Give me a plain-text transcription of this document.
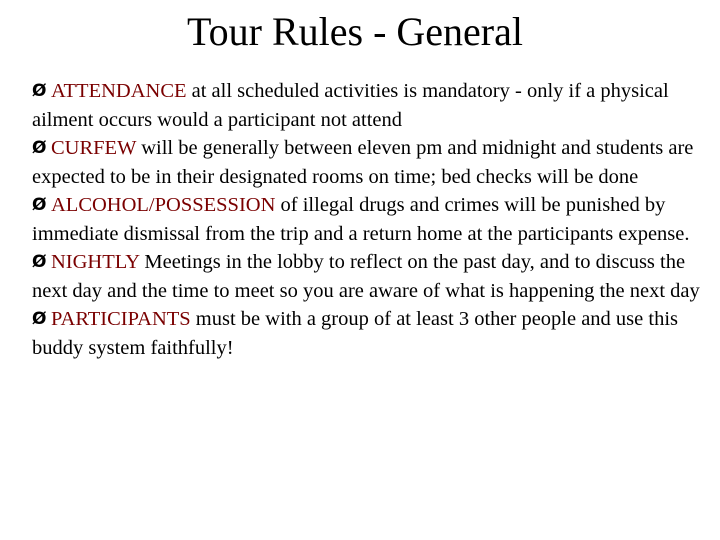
Tour Rules - General
Ø ATTENDANCE at all scheduled activities is mandatory - only if a physical ailment occurs would a participant not attend
Ø CURFEW will be generally between eleven pm and midnight and students are expected to be in their designated rooms on time; bed checks will be done
Ø ALCOHOL/POSSESSION of illegal drugs and crimes will be punished by immediate dismissal from the trip and a return home at the participants expense.
Ø NIGHTLY Meetings in the lobby to reflect on the past day, and to discuss the next day and the time to meet so you are aware of what is happening the next day
Ø PARTICIPANTS must be with a group of at least 3 other people and use this buddy system faithfully!
